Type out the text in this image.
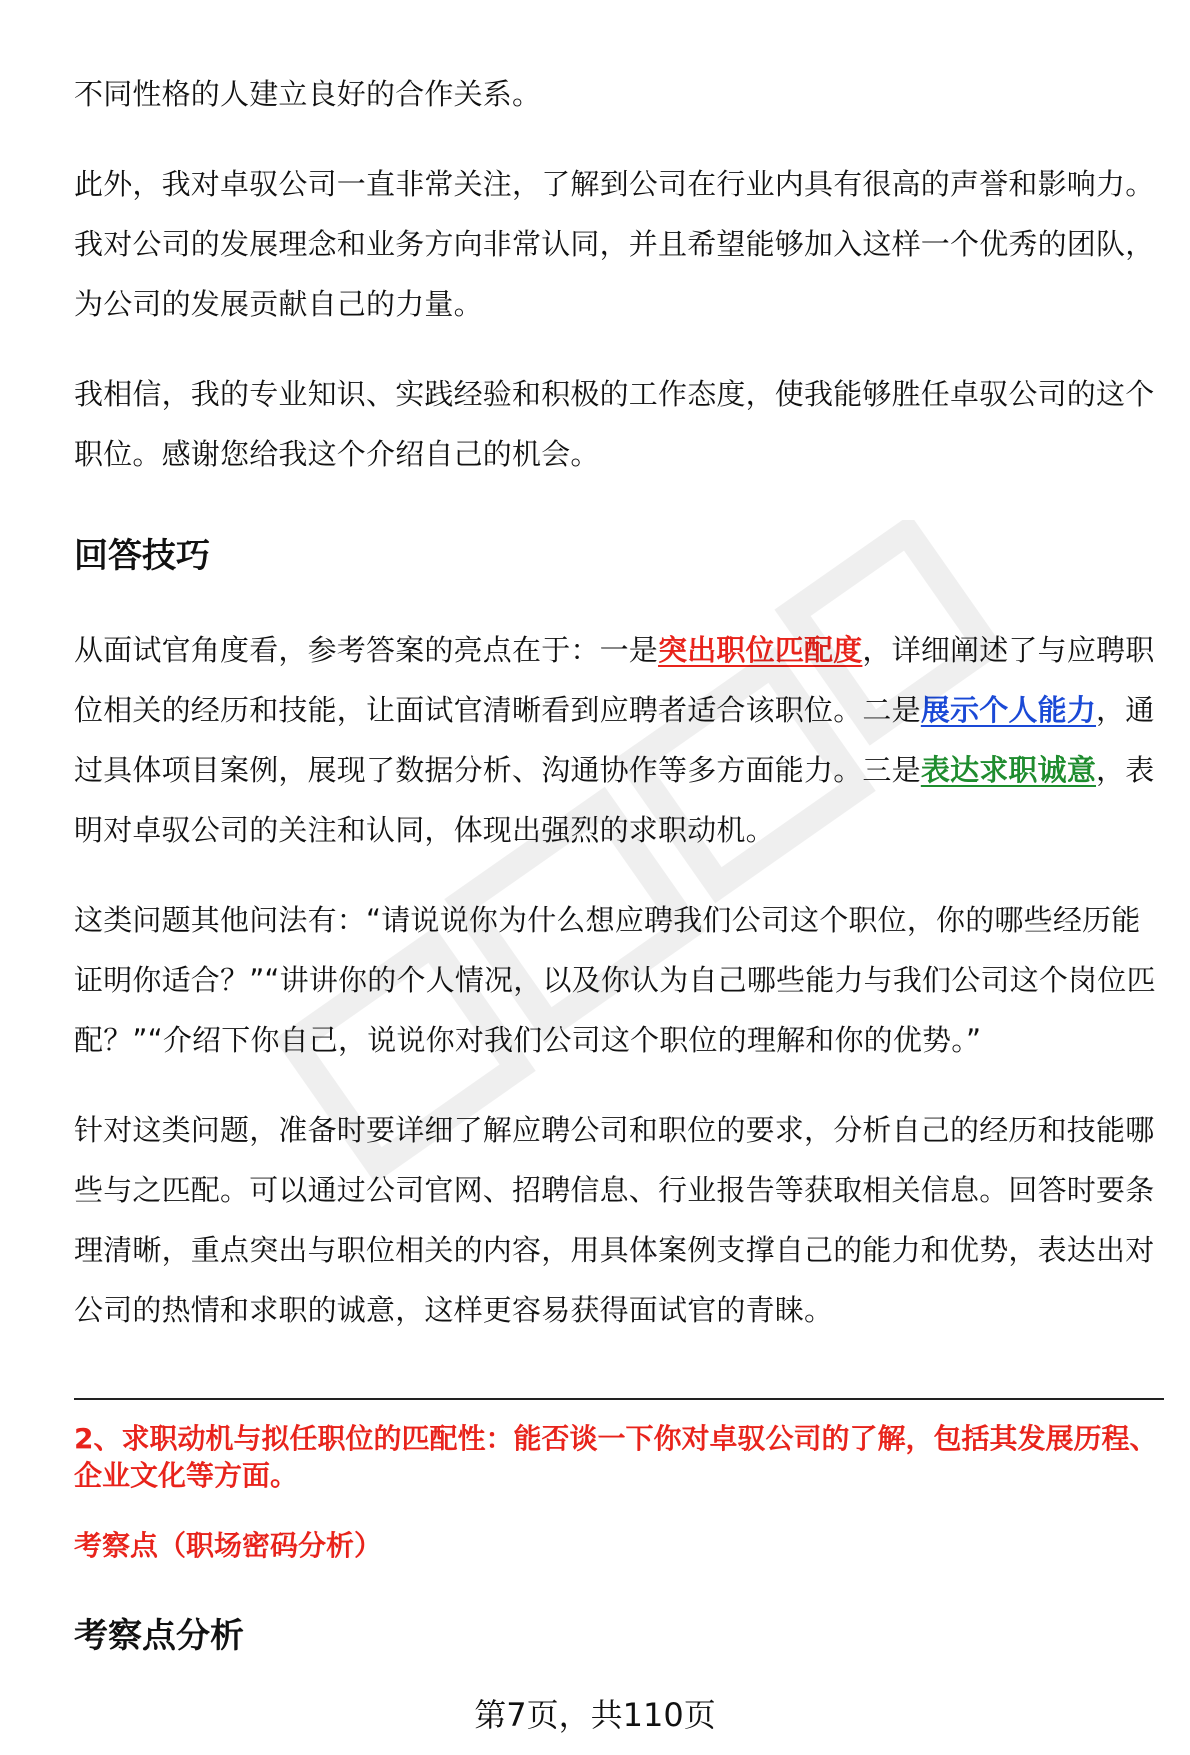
不同性格的人建立良好的合作关系。

此外，我对卓驭公司一直非常关注，了解到公司在行业内具有很高的声誉和影响力。我对公司的发展理念和业务方向非常认同，并且希望能够加入这样一个优秀的团队，为公司的发展贡献自己的力量。

我相信，我的专业知识、实践经验和积极的工作态度，使我能够胜任卓驭公司的这个职位。感谢您给我这个介绍自己的机会。

回答技巧

从面试官角度看，参考答案的亮点在于：一是突出职位匹配度，详细阐述了与应聘职位相关的经历和技能，让面试官清晰看到应聘者适合该职位。二是展示个人能力，通过具体项目案例，展现了数据分析、沟通协作等多方面能力。三是表达求职诚意，表明对卓驭公司的关注和认同，体现出强烈的求职动机。

这类问题其他问法有：“请说说你为什么想应聘我们公司这个职位，你的哪些经历能证明你适合？”“讲讲你的个人情况，以及你认为自己哪些能力与我们公司这个岗位匹配？”“介绍下你自己，说说你对我们公司这个职位的理解和你的优势。”

针对这类问题，准备时要详细了解应聘公司和职位的要求，分析自己的经历和技能哪些与之匹配。可以通过公司官网、招聘信息、行业报告等获取相关信息。回答时要条理清晰，重点突出与职位相关的内容，用具体案例支撑自己的能力和优势，表达出对公司的热情和求职的诚意，这样更容易获得面试官的青睐。

2、求职动机与拟任职位的匹配性：能否谈一下你对卓驭公司的了解，包括其发展历程、企业文化等方面。

考察点（职场密码分析）

考察点分析
第7页，共110页
